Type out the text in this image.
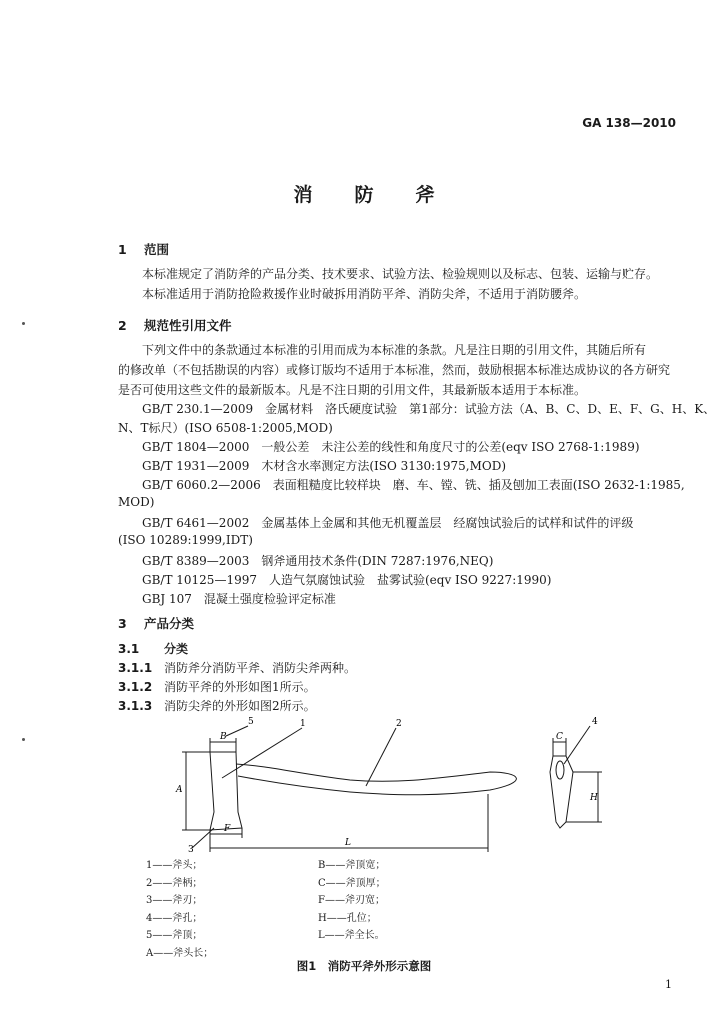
GA 138—2010
消防斧
1 范围
本标准规定了消防斧的产品分类、技术要求、试验方法、检验规则以及标志、包装、运输与贮存。
本标准适用于消防抢险救援作业时破拆用消防平斧、消防尖斧，不适用于消防腰斧。
2 规范性引用文件
下列文件中的条款通过本标准的引用而成为本标准的条款。凡是注日期的引用文件，其随后所有
的修改单（不包括勘误的内容）或修订版均不适用于本标准，然而，鼓励根据本标准达成协议的各方研究
是否可使用这些文件的最新版本。凡是不注日期的引用文件，其最新版本适用于本标准。
GB/T 230.1—2009　金属材料　洛氏硬度试验　第1部分：试验方法（A、B、C、D、E、F、G、H、K、
N、T标尺）(ISO 6508-1:2005,MOD)
GB/T 1804—2000　一般公差　未注公差的线性和角度尺寸的公差(eqv ISO 2768-1:1989)
GB/T 1931—2009　木材含水率测定方法(ISO 3130:1975,MOD)
GB/T 6060.2—2006　表面粗糙度比较样块　磨、车、镗、铣、插及刨加工表面(ISO 2632-1:1985,
MOD)
GB/T 6461—2002　金属基体上金属和其他无机覆盖层　经腐蚀试验后的试样和试件的评级
(ISO 10289:1999,IDT)
GB/T 8389—2003　钢斧通用技术条件(DIN 7287:1976,NEQ)
GB/T 10125—1997　人造气氛腐蚀试验　盐雾试验(eqv ISO 9227:1990)
GBJ 107　混凝土强度检验评定标准
3 产品分类
3.1 分类
3.1.1 消防斧分消防平斧、消防尖斧两种。
3.1.2 消防平斧的外形如图1所示。
3.1.3 消防尖斧的外形如图2所示。
1	2
3
4
5
B
A
F
L
C
H
1——斧头；
2——斧柄；
3——斧刃；
4——斧孔；
5——斧顶；
A——斧头长；
B——斧顶宽；
C——斧顶厚；
F——斧刃宽；
H——孔位；
L——斧全长。
图1　消防平斧外形示意图
1
